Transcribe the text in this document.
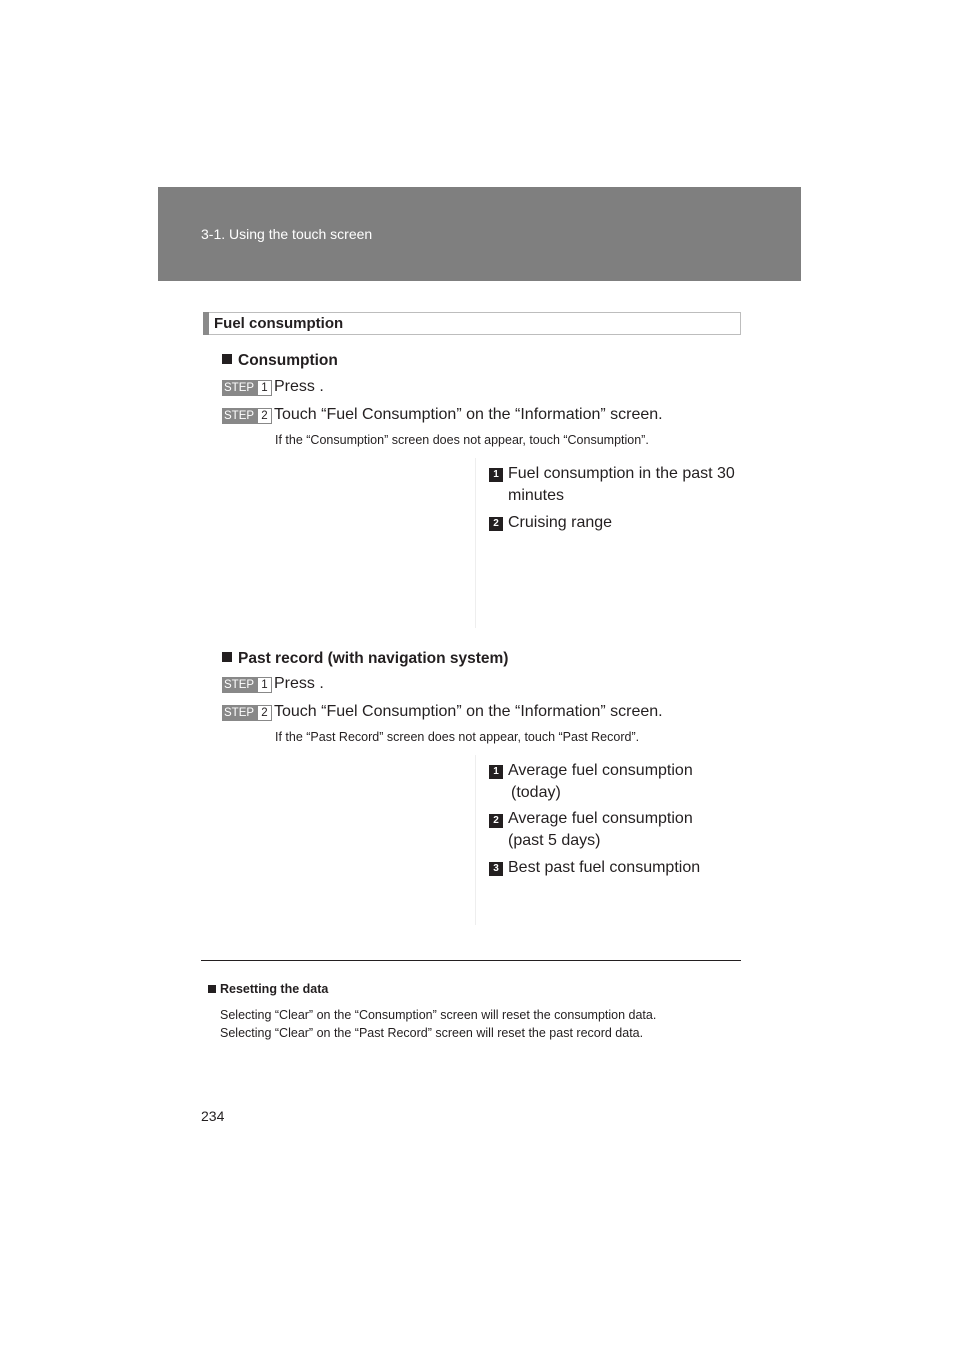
3-1. Using the touch screen
Fuel consumption
Consumption
STEP 1 Press .
STEP 2 Touch “Fuel Consumption” on the “Information” screen.
If the “Consumption” screen does not appear, touch “Consumption”.
1 Fuel consumption in the past 30
minutes
2 Cruising range
Past record (with navigation system)
STEP 1 Press .
STEP 2 Touch “Fuel Consumption” on the “Information” screen.
If the “Past Record” screen does not appear, touch “Past Record”.
1 Average fuel consumption
(today)
2 Average fuel consumption
(past 5 days)
3 Best past fuel consumption
Resetting the data
Selecting “Clear” on the “Consumption” screen will reset the consumption data.
Selecting “Clear” on the “Past Record” screen will reset the past record data.
234
